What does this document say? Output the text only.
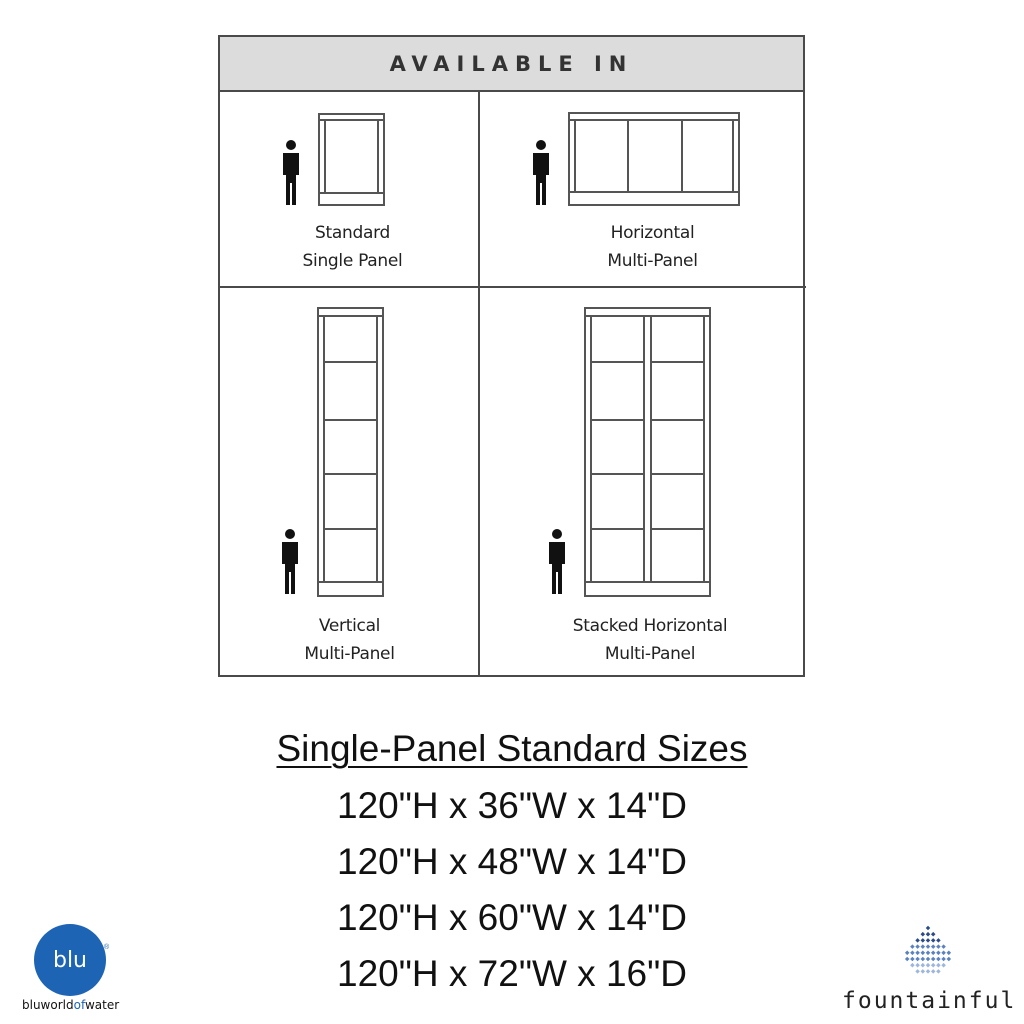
AVAILABLE IN
Standard
Single Panel
Horizontal
Multi-Panel
Vertical
Multi-Panel
Stacked Horizontal
Multi-Panel
Single-Panel Standard Sizes
120"H x 36"W x 14"D
120"H x 48"W x 14"D
120"H x 60"W x 14"D
120"H x 72"W x 16"D
blu ®
bluworldofwater	fountainful
